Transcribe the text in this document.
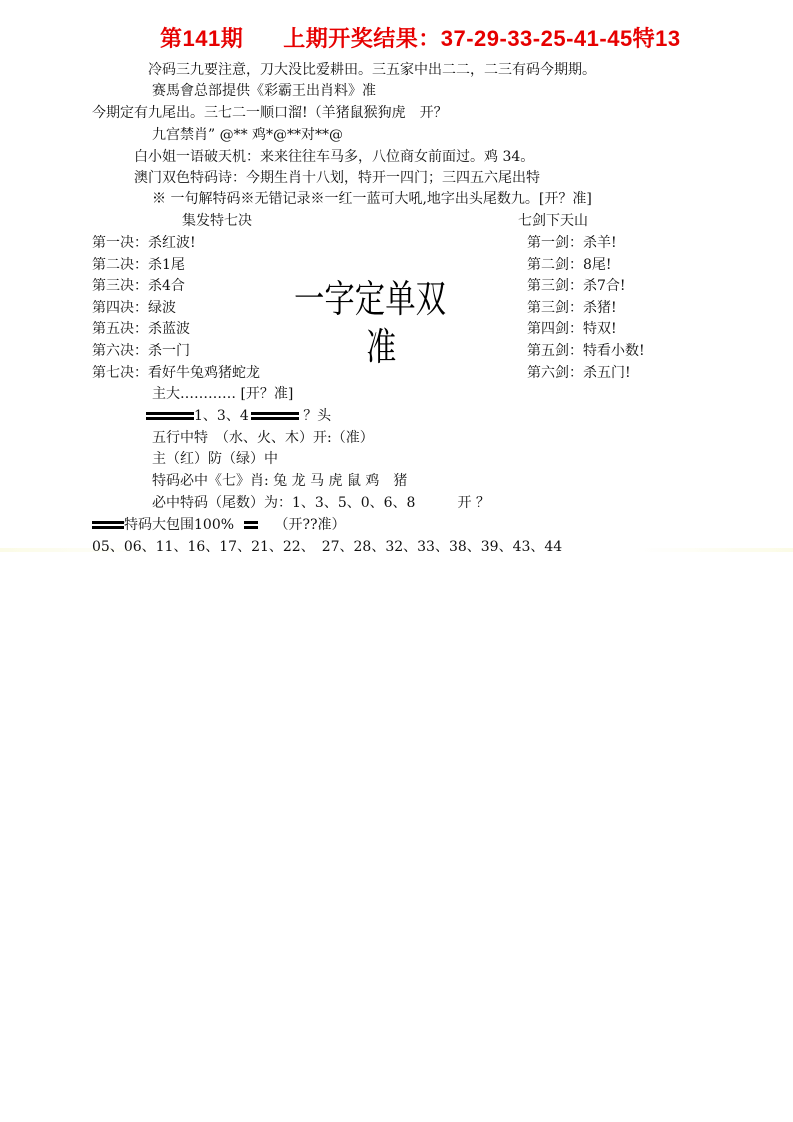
第141期 上期开奖结果：37-29-33-25-41-45特13
冷码三九要注意，刀大没比爱耕田。三五家中出二二，二三有码今期期。
赛馬會总部提供《彩霸王出肖料》准
今期定有九尾出。三七二一顺口溜!（羊猪鼠猴狗虎　开？
九宫禁肖” @** 鸡*@**对**@
白小姐一语破天机：来来往往车马多，八位商女前面过。鸡 34。
澳门双色特码诗：今期生肖十八划，特开一四门；三四五六尾出特
※ 一句解特码※无错记录※一红一蓝可大吼,地字出头尾数九。[开？准]
集发特七决
第一决：杀红波!
第二决：杀1尾
第三决：杀4合
第四决：绿波
第五决：杀蓝波
第六决：杀一门
第七决：看好牛兔鸡猪蛇龙
一字定单双
准
七剑下天山
第一剑：杀羊!
第二剑：8尾!
第三剑：杀7合!
第三剑：杀猪!
第四剑：特双!
第五剑：特看小数!
第六剑：杀五门!
主大………… [开？准]
1、3、4	？头
五行中特　（水、火、木）开:（准）
主（红）防（绿）中
特码必中《七》肖: 兔 龙 马 虎 鼠 鸡　猪
必中特码（尾数）为：1、3、5、0、6、8　　　开 ？
特码大包围100%	（开??准）
05、06、11、16、17、21、22、　27、28、32、33、38、39、43、44
